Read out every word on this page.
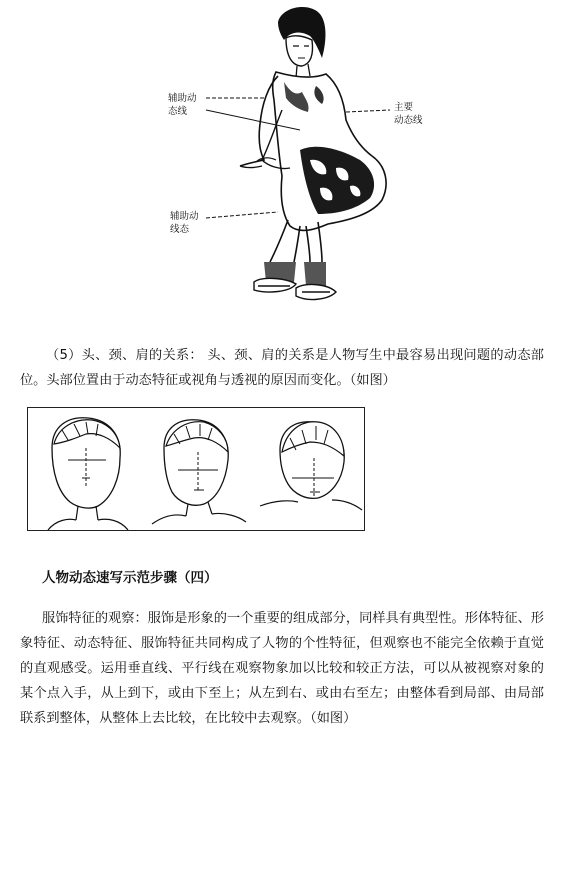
辅助动
态线	主要
动态线
辅助动
线态

（5）头、颈、肩的关系： 头、颈、肩的关系是人物写生中最容易出现问题的动态部位。头部位置由于动态特征或视角与透视的原因而变化。（如图）

人物动态速写示范步骤（四）

服饰特征的观察：服饰是形象的一个重要的组成部分，同样具有典型性。形体特征、形象特征、动态特征、服饰特征共同构成了人物的个性特征，但观察也不能完全依赖于直觉的直观感受。运用垂直线、平行线在观察物象加以比较和较正方法，可以从被视察对象的某个点入手，从上到下，或由下至上；从左到右、或由右至左；由整体看到局部、由局部联系到整体，从整体上去比较，在比较中去观察。（如图）
